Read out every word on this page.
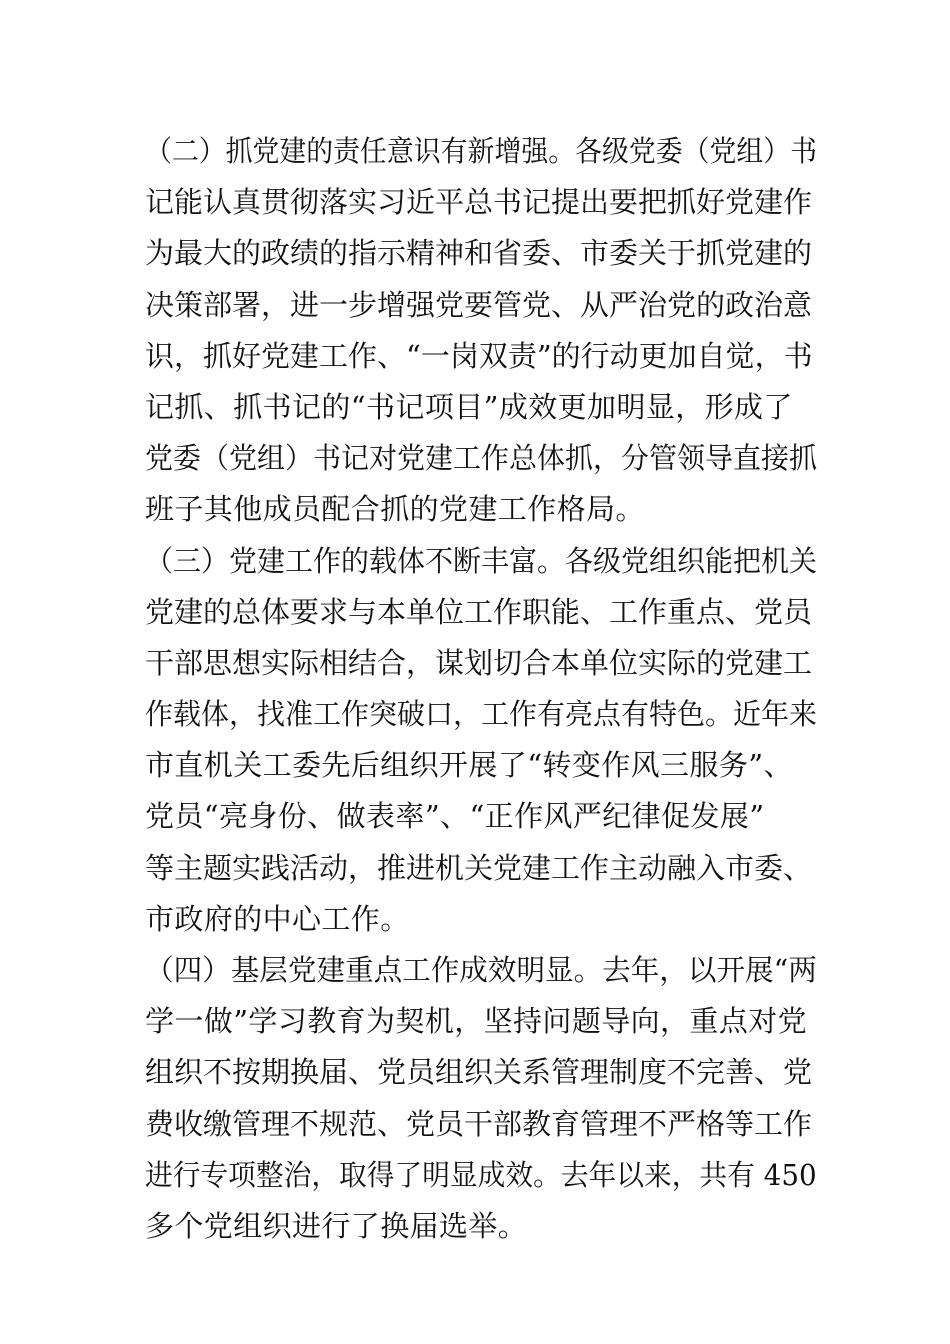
（二）抓党建的责任意识有新增强。各级党委（党组）书
记能认真贯彻落实习近平总书记提出要把抓好党建作
为最大的政绩的指示精神和省委、市委关于抓党建的
决策部署，进一步增强党要管党、从严治党的政治意
识，抓好党建工作、“一岗双责”的行动更加自觉，书
记抓、抓书记的“书记项目”成效更加明显，形成了
党委（党组）书记对党建工作总体抓，分管领导直接抓
班子其他成员配合抓的党建工作格局。
（三）党建工作的载体不断丰富。各级党组织能把机关
党建的总体要求与本单位工作职能、工作重点、党员
干部思想实际相结合，谋划切合本单位实际的党建工
作载体，找准工作突破口，工作有亮点有特色。近年来
市直机关工委先后组织开展了“转变作风三服务”、
党员“亮身份、做表率”、“正作风严纪律促发展”
等主题实践活动，推进机关党建工作主动融入市委、
市政府的中心工作。
（四）基层党建重点工作成效明显。去年，以开展“两
学一做”学习教育为契机，坚持问题导向，重点对党
组织不按期换届、党员组织关系管理制度不完善、党
费收缴管理不规范、党员干部教育管理不严格等工作
进行专项整治，取得了明显成效。去年以来，共有 450
多个党组织进行了换届选举。
